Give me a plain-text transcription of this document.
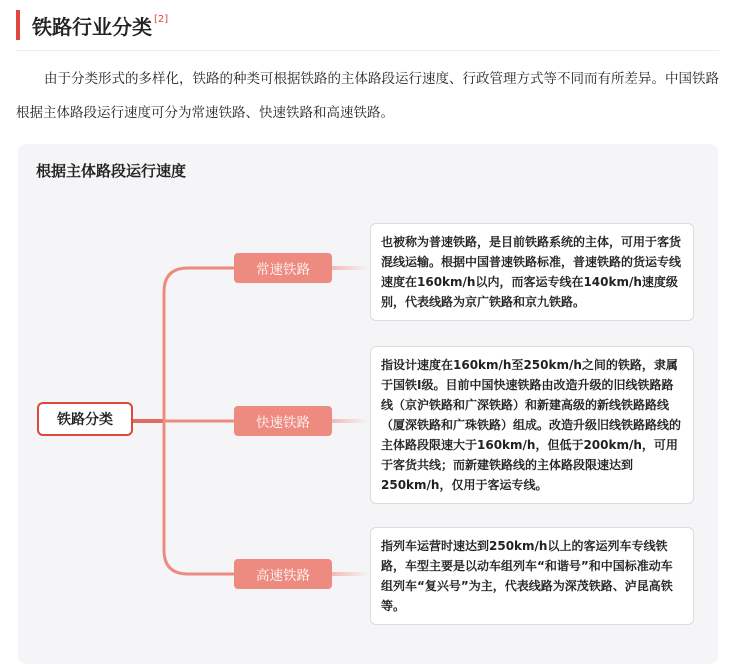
铁路行业分类[2]

由于分类形式的多样化，铁路的种类可根据铁路的主体路段运行速度、行政管理方式等不同而有所差异。中国铁路根据主体路段运行速度可分为常速铁路、快速铁路和高速铁路。

根据主体路段运行速度
铁路分类
常速铁路
快速铁路
高速铁路

也被称为普速铁路，是目前铁路系统的主体，可用于客货混线运输。根据中国普速铁路标准，普速铁路的货运专线速度在160km/h以内，而客运专线在140km/h速度级别，代表线路为京广铁路和京九铁路。

指设计速度在160km/h至250km/h之间的铁路，隶属于国铁Ⅰ级。目前中国快速铁路由改造升级的旧线铁路路线（京沪铁路和广深铁路）和新建高级的新线铁路路线（厦深铁路和广珠铁路）组成。改造升级旧线铁路路线的主体路段限速大于160km/h，但低于200km/h，可用于客货共线；而新建铁路线的主体路段限速达到250km/h，仅用于客运专线。

指列车运营时速达到250km/h以上的客运列车专线铁路，车型主要是以动车组列车“和谐号”和中国标准动车组列车“复兴号”为主，代表线路为深茂铁路、泸昆高铁等。
